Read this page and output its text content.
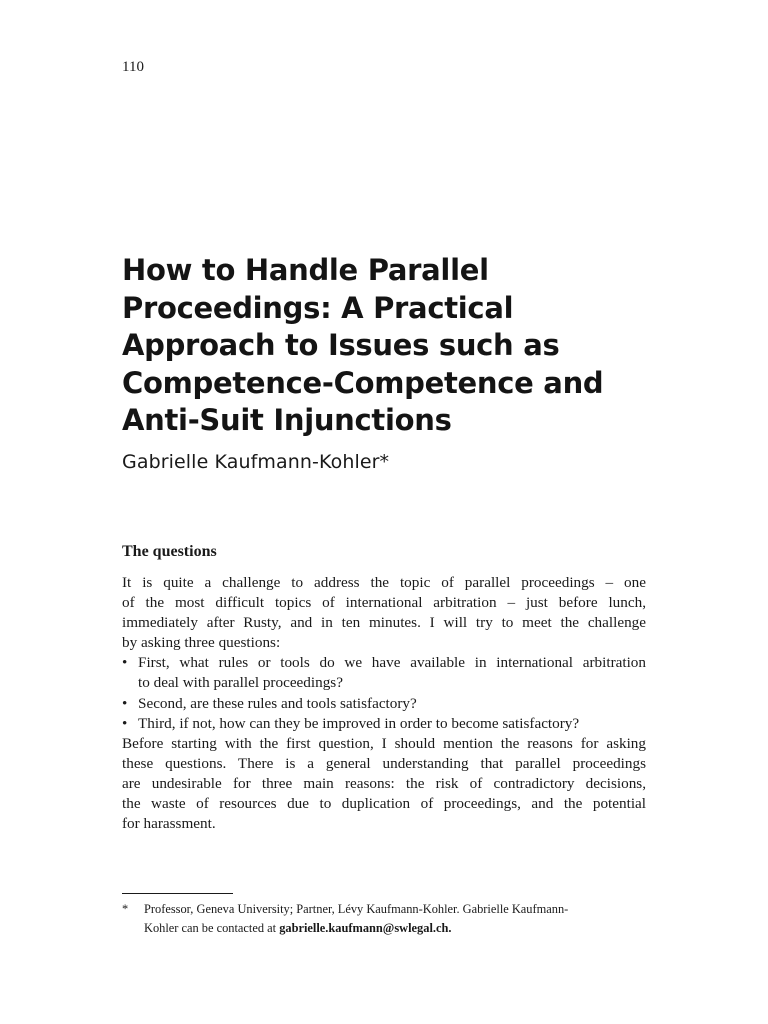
110
How to Handle Parallel
Proceedings: A Practical
Approach to Issues such as
Competence-Competence and
Anti-Suit Injunctions
Gabrielle Kaufmann-Kohler*
The questions
It is quite a challenge to address the topic of parallel proceedings – one
of the most difficult topics of international arbitration – just before lunch,
immediately after Rusty, and in ten minutes. I will try to meet the challenge
by asking three questions:
• First, what rules or tools do we have available in international arbitration
to deal with parallel proceedings?
• Second, are these rules and tools satisfactory?
• Third, if not, how can they be improved in order to become satisfactory?
Before starting with the first question, I should mention the reasons for asking
these questions. There is a general understanding that parallel proceedings
are undesirable for three main reasons: the risk of contradictory decisions,
the waste of resources due to duplication of proceedings, and the potential
for harassment.
*	Professor, Geneva University; Partner, Lévy Kaufmann-Kohler. Gabrielle Kaufmann-
Kohler can be contacted at gabrielle.kaufmann@swlegal.ch.
